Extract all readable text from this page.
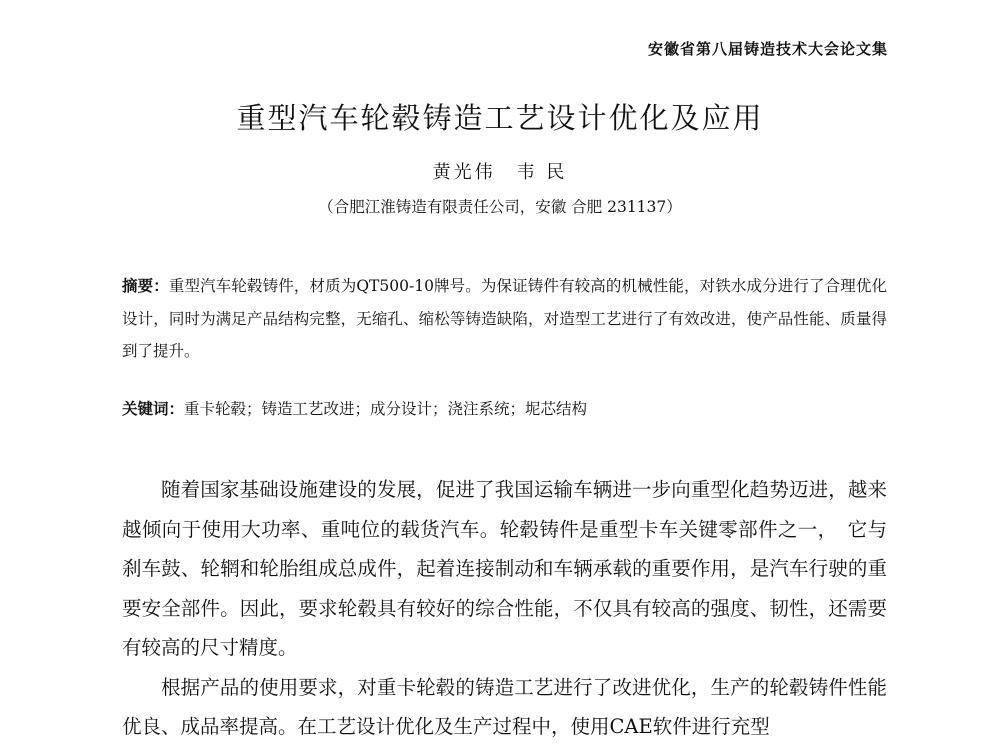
安徽省第八届铸造技术大会论文集
重型汽车轮毂铸造工艺设计优化及应用
黄光伟　韦 民
（合肥江淮铸造有限责任公司，安徽 合肥 231137）
摘要：重型汽车轮毂铸件，材质为QT500-10牌号。为保证铸件有较高的机械性能，对铁水成分进行了合理优化设计，同时为满足产品结构完整，无缩孔、缩松等铸造缺陷，对造型工艺进行了有效改进，使产品性能、质量得到了提升。
关键词：重卡轮毂；铸造工艺改进；成分设计；浇注系统；坭芯结构

随着国家基础设施建设的发展，促进了我国运输车辆进一步向重型化趋势迈进，越来越倾向于使用大功率、重吨位的载货汽车。轮毂铸件是重型卡车关键零部件之一，　它与刹车鼓、轮辋和轮胎组成总成件，起着连接制动和车辆承载的重要作用，是汽车行驶的重要安全部件。因此，要求轮毂具有较好的综合性能，不仅具有较高的强度、韧性，还需要有较高的尺寸精度。

根据产品的使用要求，对重卡轮毂的铸造工艺进行了改进优化，生产的轮毂铸件性能优良、成品率提高。在工艺设计优化及生产过程中，使用CAE软件进行充型
